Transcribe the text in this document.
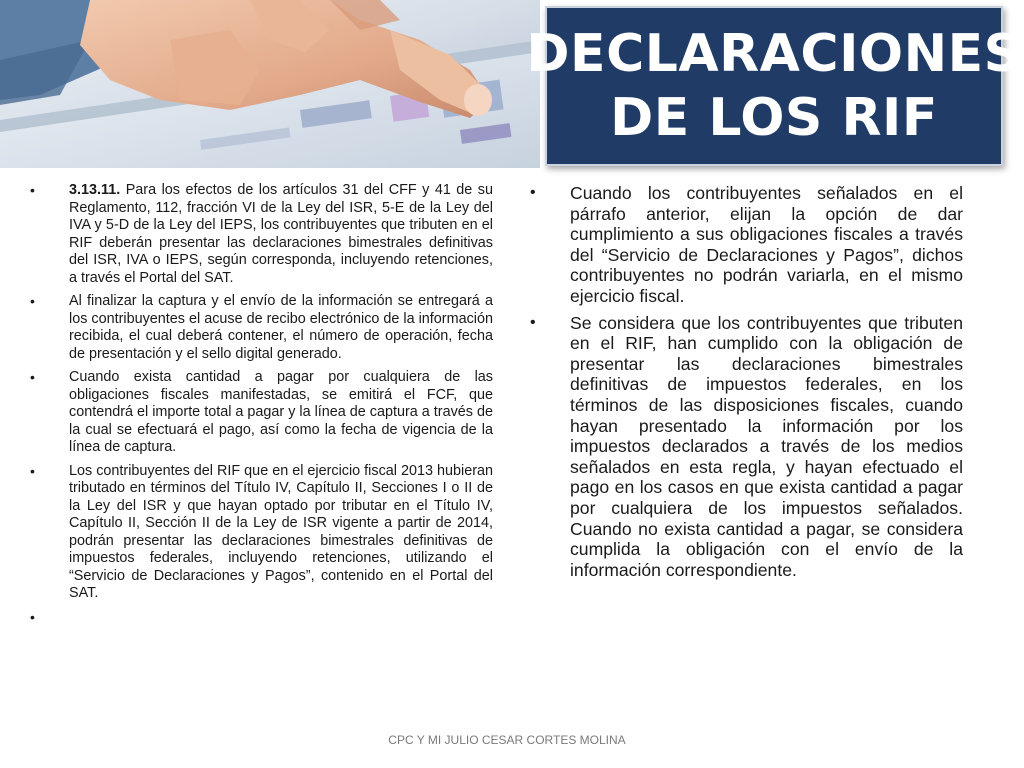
DECLARACIONES
DE LOS RIF
• 3.13.11. Para los efectos de los artículos 31 del CFF y 41 de su Reglamento, 112, fracción VI de la Ley del ISR, 5-E de la Ley del IVA y 5-D de la Ley del IEPS, los contribuyentes que tributen en el RIF deberán presentar las declaraciones bimestrales definitivas del ISR, IVA o IEPS, según corresponda, incluyendo retenciones, a través el Portal del SAT.
• Al finalizar la captura y el envío de la información se entregará a los contribuyentes el acuse de recibo electrónico de la información recibida, el cual deberá contener, el número de operación, fecha de presentación y el sello digital generado.
• Cuando exista cantidad a pagar por cualquiera de las obligaciones fiscales manifestadas, se emitirá el FCF, que contendrá el importe total a pagar y la línea de captura a través de la cual se efectuará el pago, así como la fecha de vigencia de la línea de captura.
• Los contribuyentes del RIF que en el ejercicio fiscal 2013 hubieran tributado en términos del Título IV, Capítulo II, Secciones I o II de la Ley del ISR y que hayan optado por tributar en el Título IV, Capítulo II, Sección II de la Ley de ISR vigente a partir de 2014, podrán presentar las declaraciones bimestrales definitivas de impuestos federales, incluyendo retenciones, utilizando el “Servicio de Declaraciones y Pagos”, contenido en el Portal del SAT.
•
• Cuando los contribuyentes señalados en el párrafo anterior, elijan la opción de dar cumplimiento a sus obligaciones fiscales a través del “Servicio de Declaraciones y Pagos”, dichos contribuyentes no podrán variarla, en el mismo ejercicio fiscal.
• Se considera que los contribuyentes que tributen en el RIF, han cumplido con la obligación de presentar las declaraciones bimestrales definitivas de impuestos federales, en los términos de las disposiciones fiscales, cuando hayan presentado la información por los impuestos declarados a través de los medios señalados en esta regla, y hayan efectuado el pago en los casos en que exista cantidad a pagar por cualquiera de los impuestos señalados. Cuando no exista cantidad a pagar, se considera cumplida la obligación con el envío de la información correspondiente.
CPC Y MI JULIO CESAR CORTES MOLINA
